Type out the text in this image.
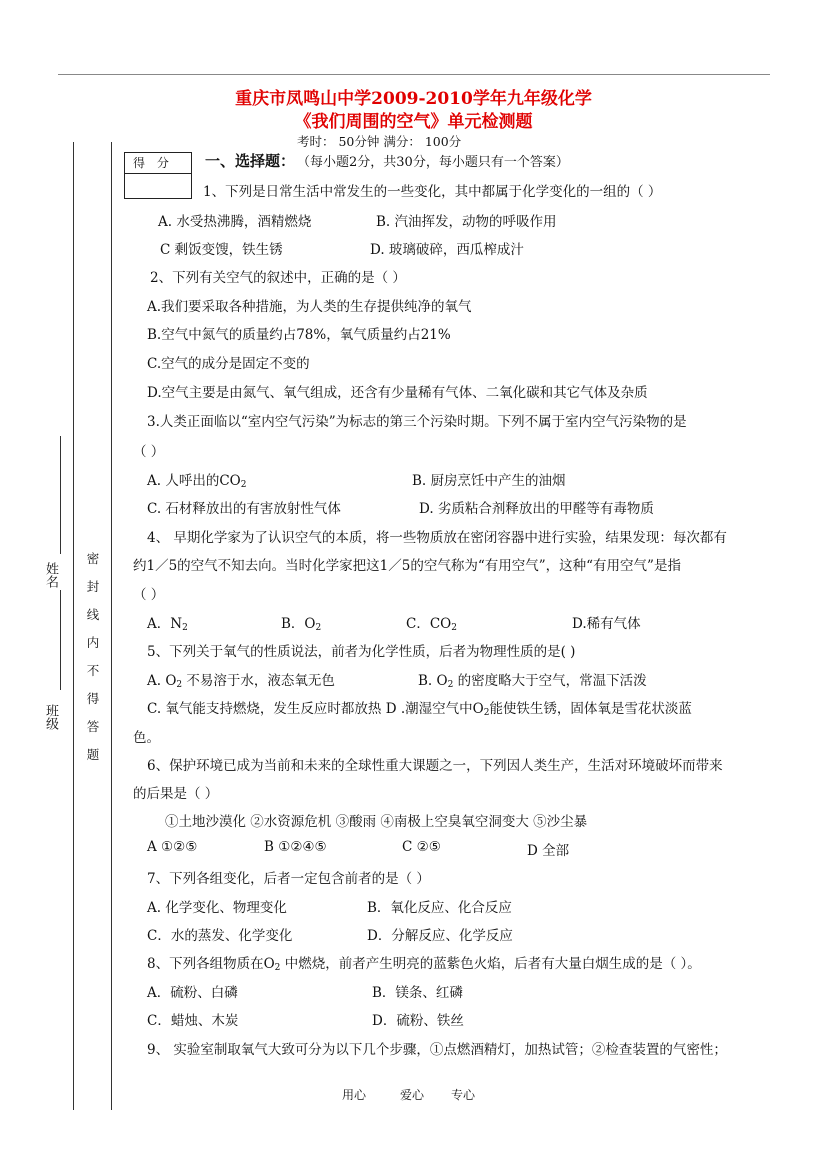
重庆市凤鸣山中学2009-2010学年九年级化学
《我们周围的空气》单元检测题
考时： 50分钟 满分： 100分
姓名
班级
密
封
线
内
不
得
答
题
得 分	一、选择题： （每小题2分，共30分，每小题只有一个答案）
1、下列是日常生活中常发生的一些变化，其中都属于化学变化的一组的（ ）
A. 水受热沸腾，酒精燃烧	B. 汽油挥发，动物的呼吸作用
C 剩饭变馊，铁生锈	D. 玻璃破碎，西瓜榨成汁
2、下列有关空气的叙述中，正确的是（ ）
A.我们要采取各种措施，为人类的生存提供纯净的氧气
B.空气中氮气的质量约占78%，氧气质量约占21%
C.空气的成分是固定不变的
D.空气主要是由氮气、氧气组成，还含有少量稀有气体、二氧化碳和其它气体及杂质
3.人类正面临以“室内空气污染”为标志的第三个污染时期。下列不属于室内空气污染物的是
（ ）
A. 人呼出的$CO_2$	B. 厨房烹饪中产生的油烟
C. 石材释放出的有害放射性气体	D. 劣质粘合剂释放出的甲醛等有毒物质
4、 早期化学家为了认识空气的本质，将一些物质放在密闭容器中进行实验，结果发现：每次都有
约1／5的空气不知去向。当时化学家把这1／5的空气称为“有用空气”，这种“有用空气”是指
（ ）
A．$N_2$	B．$O_2$	C．$CO_2$	D.稀有气体
5、下列关于氧气的性质说法，前者为化学性质，后者为物理性质的是( )
A. $O_2$ 不易溶于水，液态氧无色	B. $O_2$ 的密度略大于空气，常温下活泼
C. 氧气能支持燃烧，发生反应时都放热 D .潮湿空气中$O_2$能使铁生锈，固体氧是雪花状淡蓝
色。
6、保护环境已成为当前和未来的全球性重大课题之一，下列因人类生产，生活对环境破坏而带来
的后果是（ ）
①土地沙漠化 ②水资源危机 ③酸雨 ④南极上空臭氧空洞变大 ⑤沙尘暴
A ①②⑤	B ①②④⑤	C ②⑤	D 全部
7、下列各组变化，后者一定包含前者的是（ ）
A. 化学变化、物理变化	B．氧化反应、化合反应
C．水的蒸发、化学变化	D．分解反应、化学反应
8、下列各组物质在$O_2$ 中燃烧，前者产生明亮的蓝紫色火焰，后者有大量白烟生成的是（ ）。
A．硫粉、白磷	B．镁条、红磷
C．蜡烛、木炭	D．硫粉、铁丝
9、 实验室制取氧气大致可分为以下几个步骤，①点燃酒精灯，加热试管；②检查装置的气密性；
用心	爱心 专心
